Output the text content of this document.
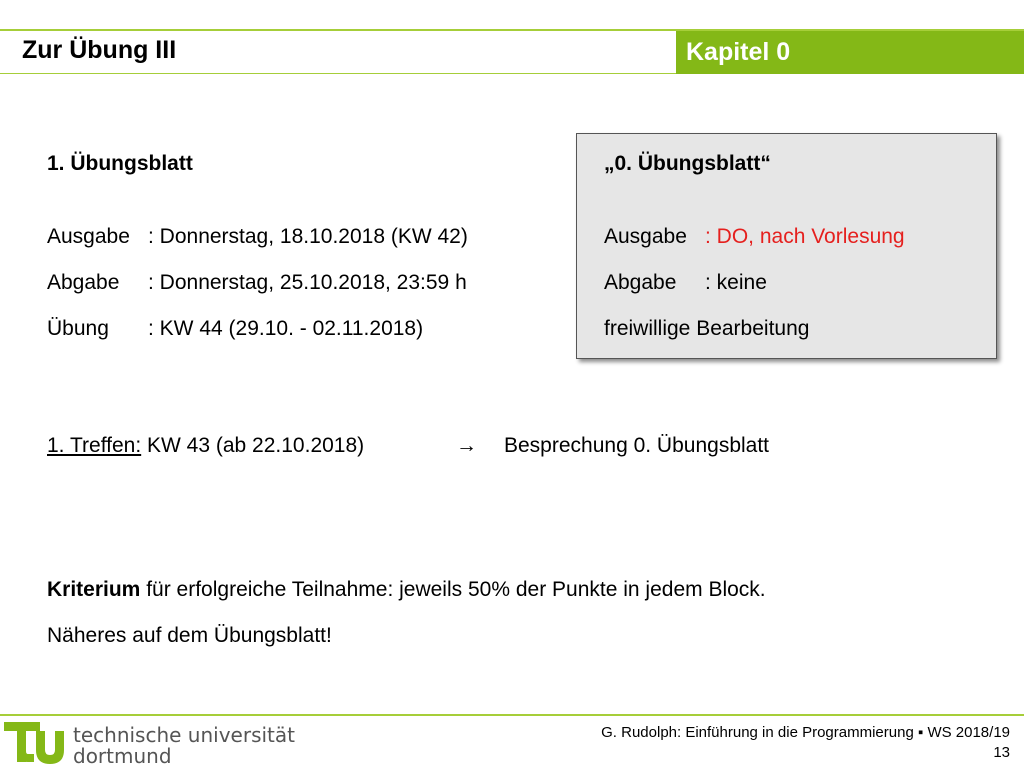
Zur Übung III	Kapitel 0
1. Übungsblatt
Ausgabe : Donnerstag, 18.10.2018 (KW 42)
Abgabe : Donnerstag, 25.10.2018, 23:59 h
Übung : KW 44 (29.10. - 02.11.2018)
„0. Übungsblatt“
Ausgabe : DO, nach Vorlesung
Abgabe : keine
freiwillige Bearbeitung
1. Treffen: KW 43 (ab 22.10.2018)	→ Besprechung 0. Übungsblatt
Kriterium für erfolgreiche Teilnahme: jeweils 50% der Punkte in jedem Block.
Näheres auf dem Übungsblatt!
technische universität
dortmund
G. Rudolph: Einführung in die Programmierung ▪ WS 2018/19
13
